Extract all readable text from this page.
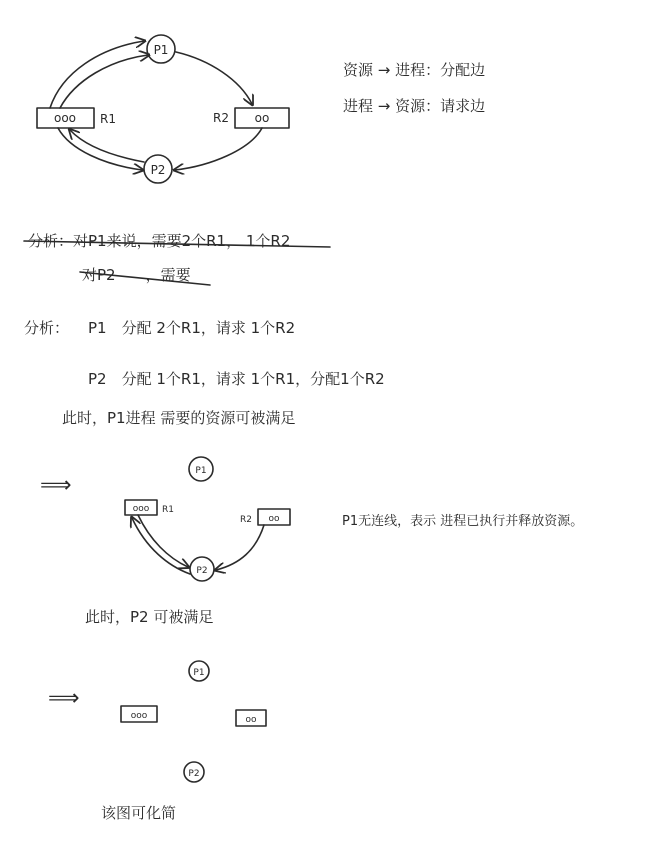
P1
P2
ooo R1	oo
R2
资源 → 进程：分配边
进程 → 资源：请求边
分析：对P1来说，需要2个R1， 1个R2
对P2　　，需要
分析： P1　分配 2个R1，请求 1个R2
P2　分配 1个R1，请求 1个R1，分配1个R2
此时，P1进程 需要的资源可被满足
⟹
P1
P2
ooo R1
oo
R2	P1无连线，表示 进程已执行并释放资源。
此时，P2 可被满足
⟹
P1
ooo	oo
P2
该图可化简
